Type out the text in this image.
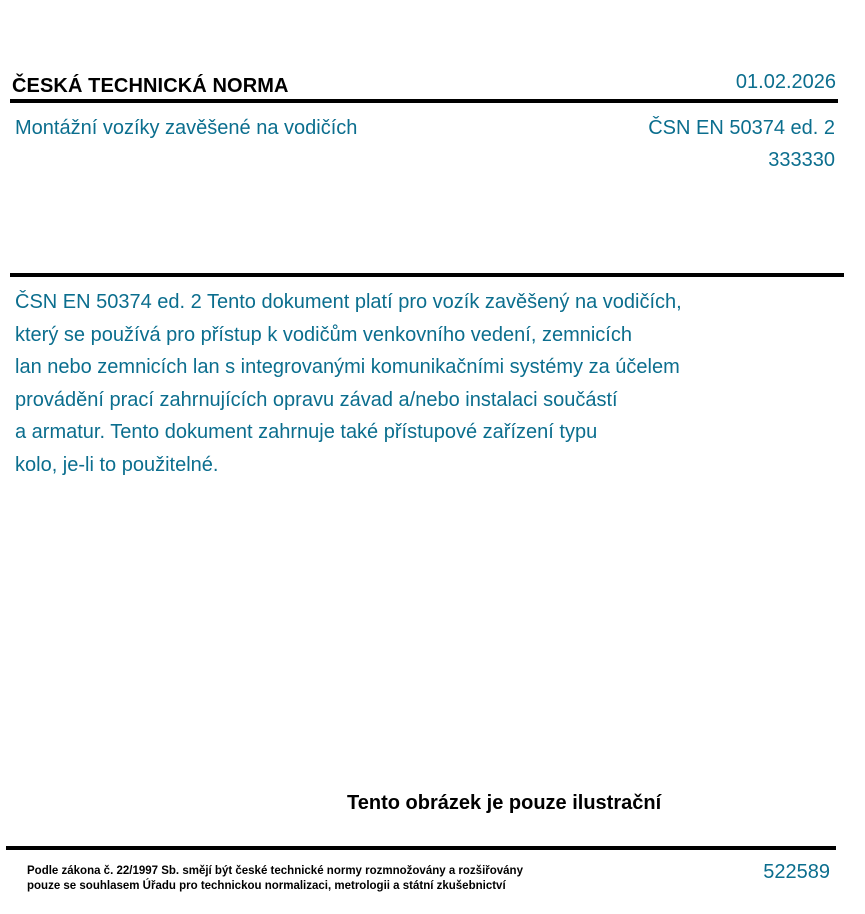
ČESKÁ TECHNICKÁ NORMA	01.02.2026
Montážní vozíky zavěšené na vodičích	ČSN EN 50374 ed. 2
333330
ČSN EN 50374 ed. 2 Tento dokument platí pro vozík zavěšený na vodičích,
který se používá pro přístup k vodičům venkovního vedení, zemnicích
lan nebo zemnicích lan s integrovanými komunikačními systémy za účelem
provádění prací zahrnujících opravu závad a/nebo instalaci součástí
a armatur. Tento dokument zahrnuje také přístupové zařízení typu
kolo, je-li to použitelné.
Tento obrázek je pouze ilustrační
Podle zákona č. 22/1997 Sb. smějí být české technické normy rozmnožovány a rozšiřovány
pouze se souhlasem Úřadu pro technickou normalizaci, metrologii a státní zkušebnictví
522589
